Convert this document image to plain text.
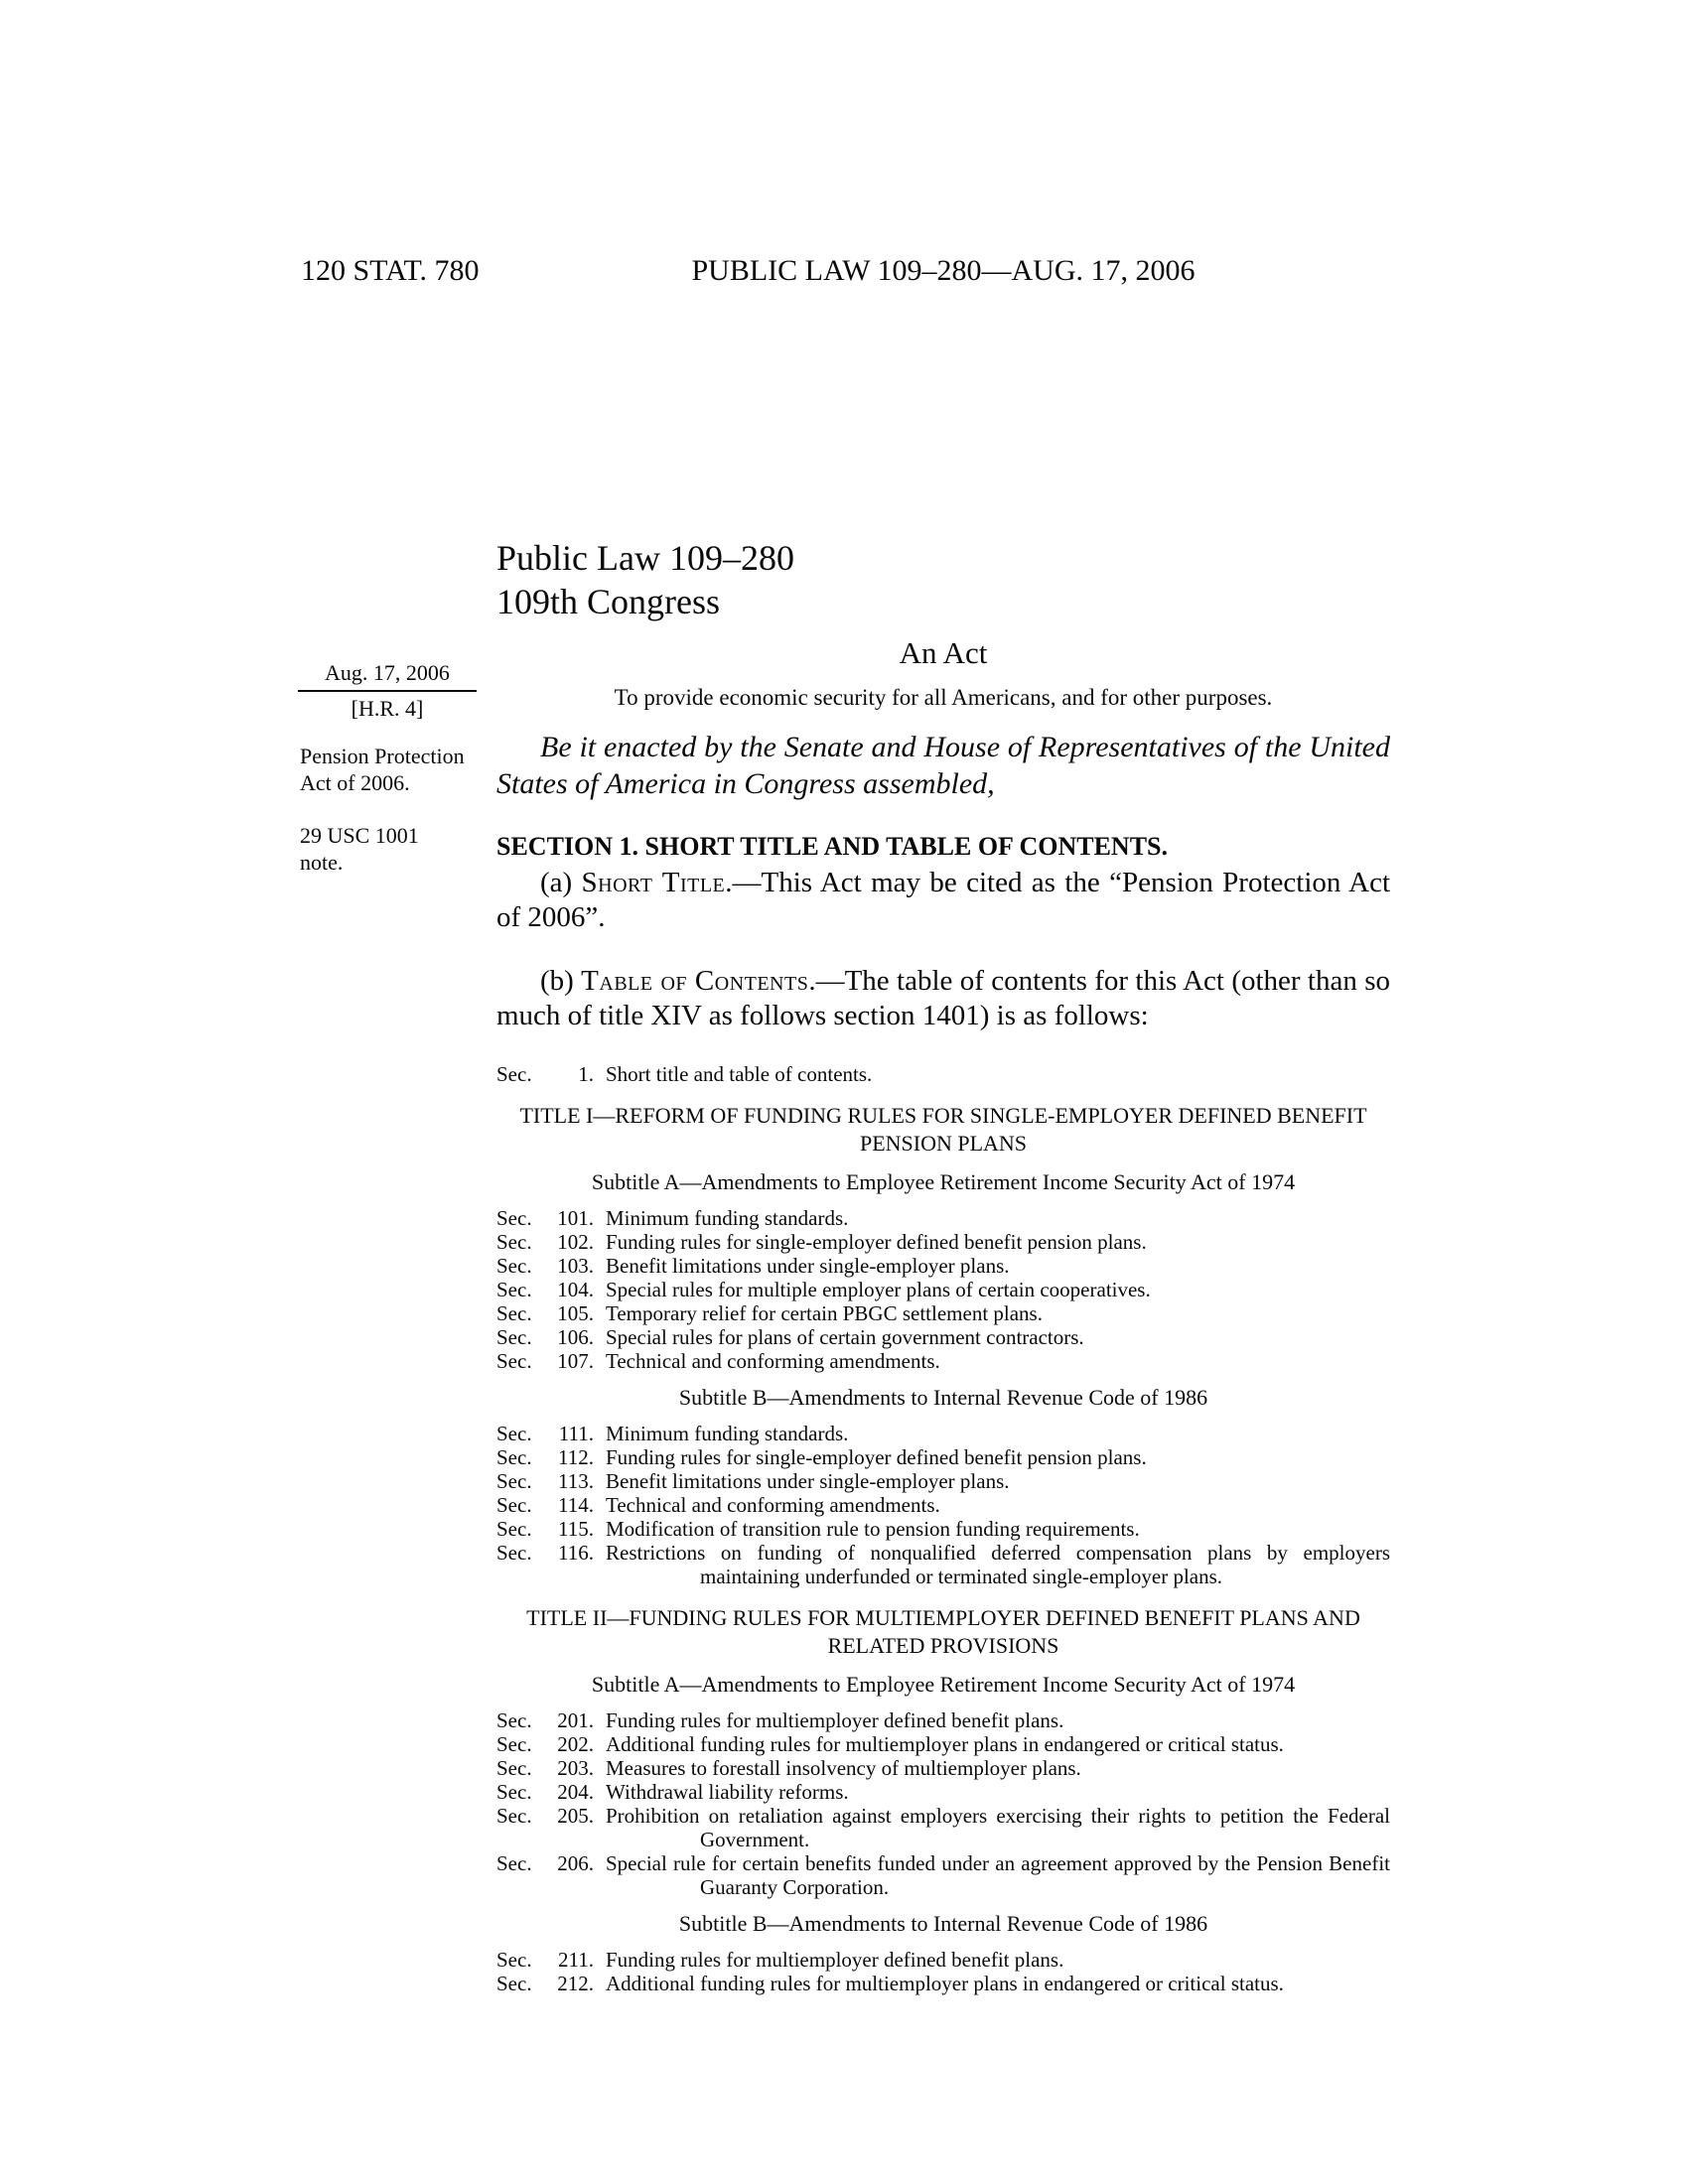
120 STAT. 780	PUBLIC LAW 109–280—AUG. 17, 2006
Aug. 17, 2006
[H.R. 4]
Pension Protection Act of 2006.
29 USC 1001 note.
Public Law 109–280
109th Congress
An Act
To provide economic security for all Americans, and for other purposes.

Be it enacted by the Senate and House of Representatives of the United States of America in Congress assembled,

SECTION 1. SHORT TITLE AND TABLE OF CONTENTS.

(a) Short Title.—This Act may be cited as the “Pension Protection Act of 2006”.

(b) Table of Contents.—The table of contents for this Act (other than so much of title XIV as follows section 1401) is as follows:

Sec.	1. Short title and table of contents.
TITLE I—REFORM OF FUNDING RULES FOR SINGLE-EMPLOYER DEFINED BENEFIT PENSION PLANS
Subtitle A—Amendments to Employee Retirement Income Security Act of 1974
Sec.	101. Minimum funding standards.
Sec.	102. Funding rules for single-employer defined benefit pension plans.
Sec.	103. Benefit limitations under single-employer plans.
Sec.	104. Special rules for multiple employer plans of certain cooperatives.
Sec.	105. Temporary relief for certain PBGC settlement plans.
Sec.	106. Special rules for plans of certain government contractors.
Sec.	107. Technical and conforming amendments.
Subtitle B—Amendments to Internal Revenue Code of 1986
Sec.	111. Minimum funding standards.
Sec.	112. Funding rules for single-employer defined benefit pension plans.
Sec.	113. Benefit limitations under single-employer plans.
Sec.	114. Technical and conforming amendments.
Sec.	115. Modification of transition rule to pension funding requirements.
Sec.	116. Restrictions on funding of nonqualified deferred compensation plans by employers maintaining underfunded or terminated single-employer plans.
TITLE II—FUNDING RULES FOR MULTIEMPLOYER DEFINED BENEFIT PLANS AND RELATED PROVISIONS
Subtitle A—Amendments to Employee Retirement Income Security Act of 1974
Sec.	201. Funding rules for multiemployer defined benefit plans.
Sec.	202. Additional funding rules for multiemployer plans in endangered or critical status.
Sec.	203. Measures to forestall insolvency of multiemployer plans.
Sec.	204. Withdrawal liability reforms.
Sec.	205. Prohibition on retaliation against employers exercising their rights to petition the Federal Government.
Sec.	206. Special rule for certain benefits funded under an agreement approved by the Pension Benefit Guaranty Corporation.
Subtitle B—Amendments to Internal Revenue Code of 1986
Sec.	211. Funding rules for multiemployer defined benefit plans.
Sec.	212. Additional funding rules for multiemployer plans in endangered or critical status.
